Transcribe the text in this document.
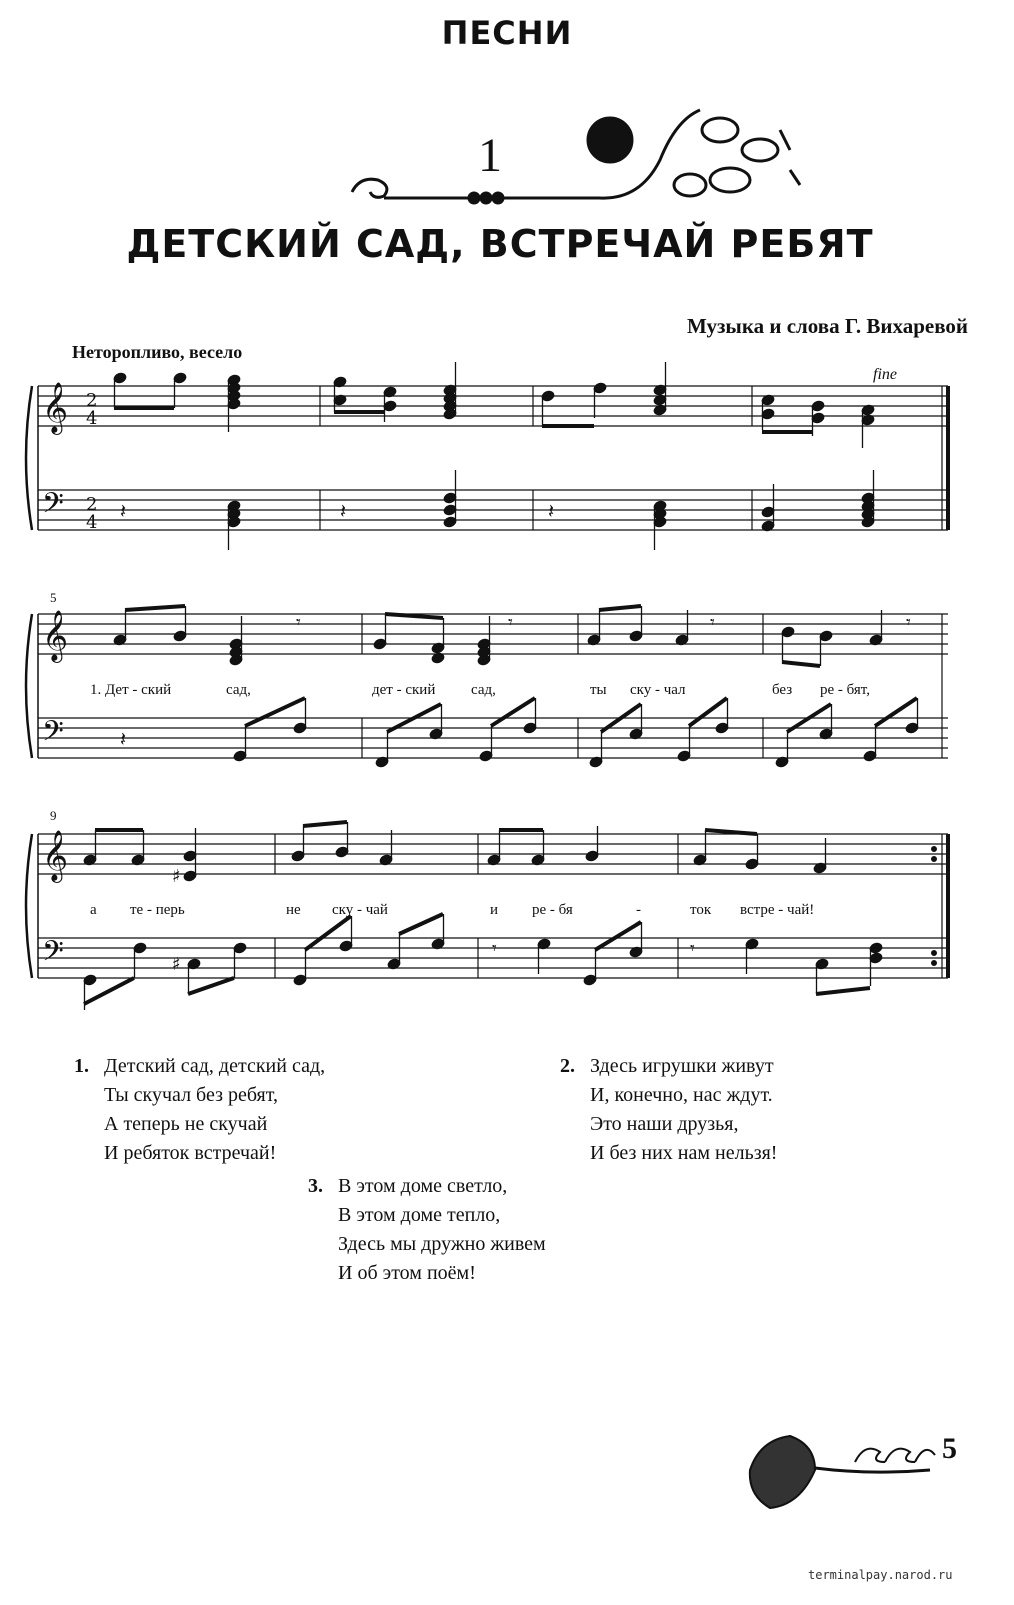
ПЕСНИ
𝄞
𝄢
2
4
2
4
𝄞
𝄢
𝄞
𝄢
𝄽	𝄽	𝄽
𝄾	𝄾	𝄾	𝄾
𝄽
♯
♯
𝄾	𝄾
1
ДЕТСКИЙ САД, ВСТРЕЧАЙ РЕБЯТ
Музыка и слова Г. Вихаревой
Неторопливо, весело
fine
5
9
1. Дет - ский	сад,	дет - ский сад,	ты ску - чал	без ре - бят,
а те - перь	не ску - чай	и ре - бя	-	ток встре - чай!
1. Детский сад, детский сад,
Ты скучал без ребят,
А теперь не скучай
И ребяток встречай!
2. Здесь игрушки живут
И, конечно, нас ждут.
Это наши друзья,
И без них нам нельзя!
3. В этом доме светло,
В этом доме тепло,
Здесь мы дружно живем
И об этом поём!
5
terminalpay.narod.ru
